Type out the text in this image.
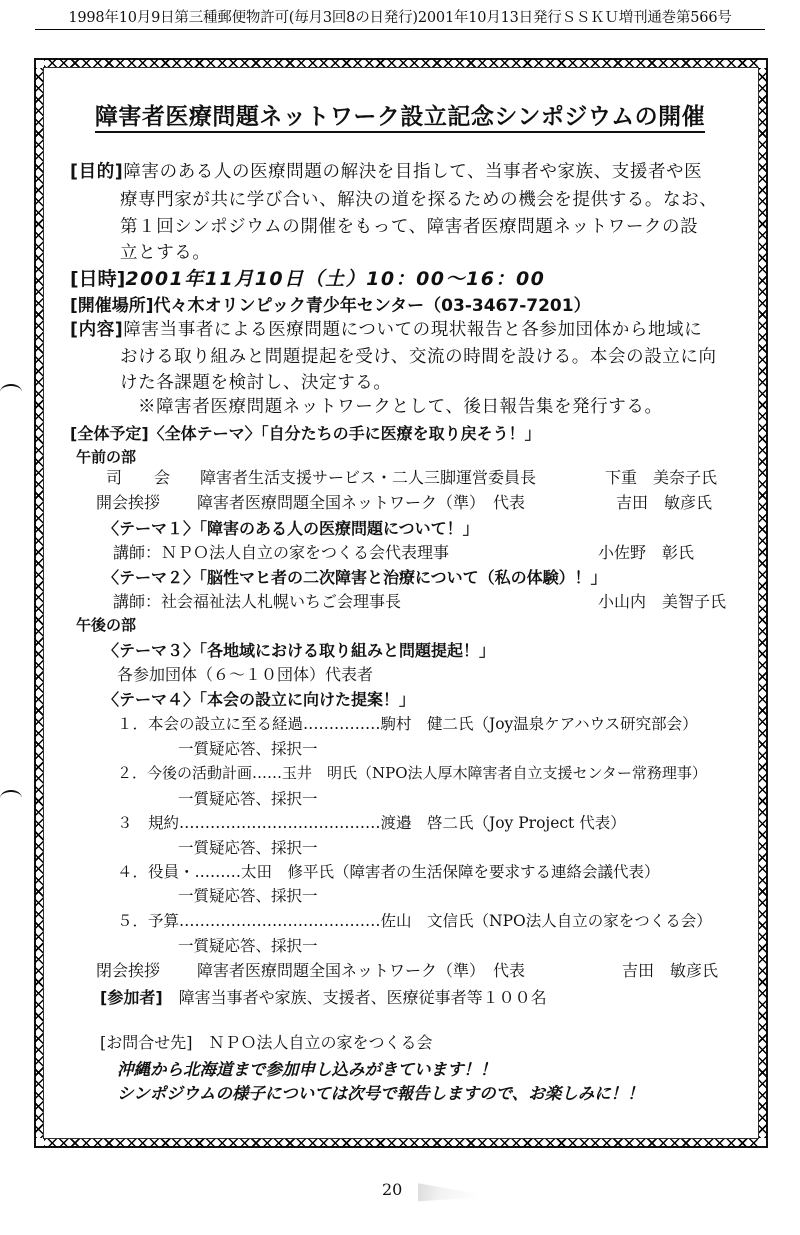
1998年10月9日第三種郵便物許可(毎月3回8の日発行)2001年10月13日発行ＳＳＫＵ増刊通巻第566号
障害者医療問題ネットワーク設立記念シンポジウムの開催
[目的]障害のある人の医療問題の解決を目指して、当事者や家族、支援者や医
療専門家が共に学び合い、解決の道を探るための機会を提供する。なお、
第１回シンポジウムの開催をもって、障害者医療問題ネットワークの設
立とする。
[日時]2001年11月10日（土）10：00〜16：00
[開催場所]代々木オリンピック青少年センター（03-3467-7201）
[内容]障害当事者による医療問題についての現状報告と各参加団体から地域に
おける取り組みと問題提起を受け、交流の時間を設ける。本会の設立に向
けた各課題を検討し、決定する。
※障害者医療問題ネットワークとして、後日報告集を発行する。
[全体予定]〈全体テーマ〉「自分たちの手に医療を取り戻そう！」
午前の部
司　　会 障害者生活支援サービス・二人三脚運営委員長	下重　美奈子氏
開会挨拶 障害者医療問題全国ネットワーク（準）　代表	吉田　敏彦氏
〈テーマ１〉「障害のある人の医療問題について！」
講師：ＮＰＯ法人自立の家をつくる会代表理事	小佐野　彰氏
〈テーマ２〉「脳性マヒ者の二次障害と治療について（私の体験）！」
講師：社会福祉法人札幌いちご会理事長	小山内　美智子氏
午後の部
〈テーマ３〉「各地域における取り組みと問題提起！」
各参加団体（６〜１０団体）代表者
〈テーマ４〉「本会の設立に向けた提案！」
１．本会の設立に至る経過……………駒村　健二氏（Joy温泉ケアハウス研究部会）
一質疑応答、採択一
２．今後の活動計画……玉井　明氏（NPO法人厚木障害者自立支援センター常務理事）
一質疑応答、採択一
３　規約…………………………………渡邉　啓二氏（Joy Project 代表）
一質疑応答、採択一
４．役員・………太田　修平氏（障害者の生活保障を要求する連絡会議代表）
一質疑応答、採択一
５．予算…………………………………佐山　文信氏（NPO法人自立の家をつくる会）
一質疑応答、採択一
閉会挨拶 障害者医療問題全国ネットワーク（準）　代表	吉田　敏彦氏
[参加者]　 障害当事者や家族、支援者、医療従事者等１００名
[お問合せ先]　ＮＰＯ法人自立の家をつくる会
沖縄から北海道まで参加申し込みがきています！！
シンポジウムの様子については次号で報告しますので、お楽しみに！！
20
